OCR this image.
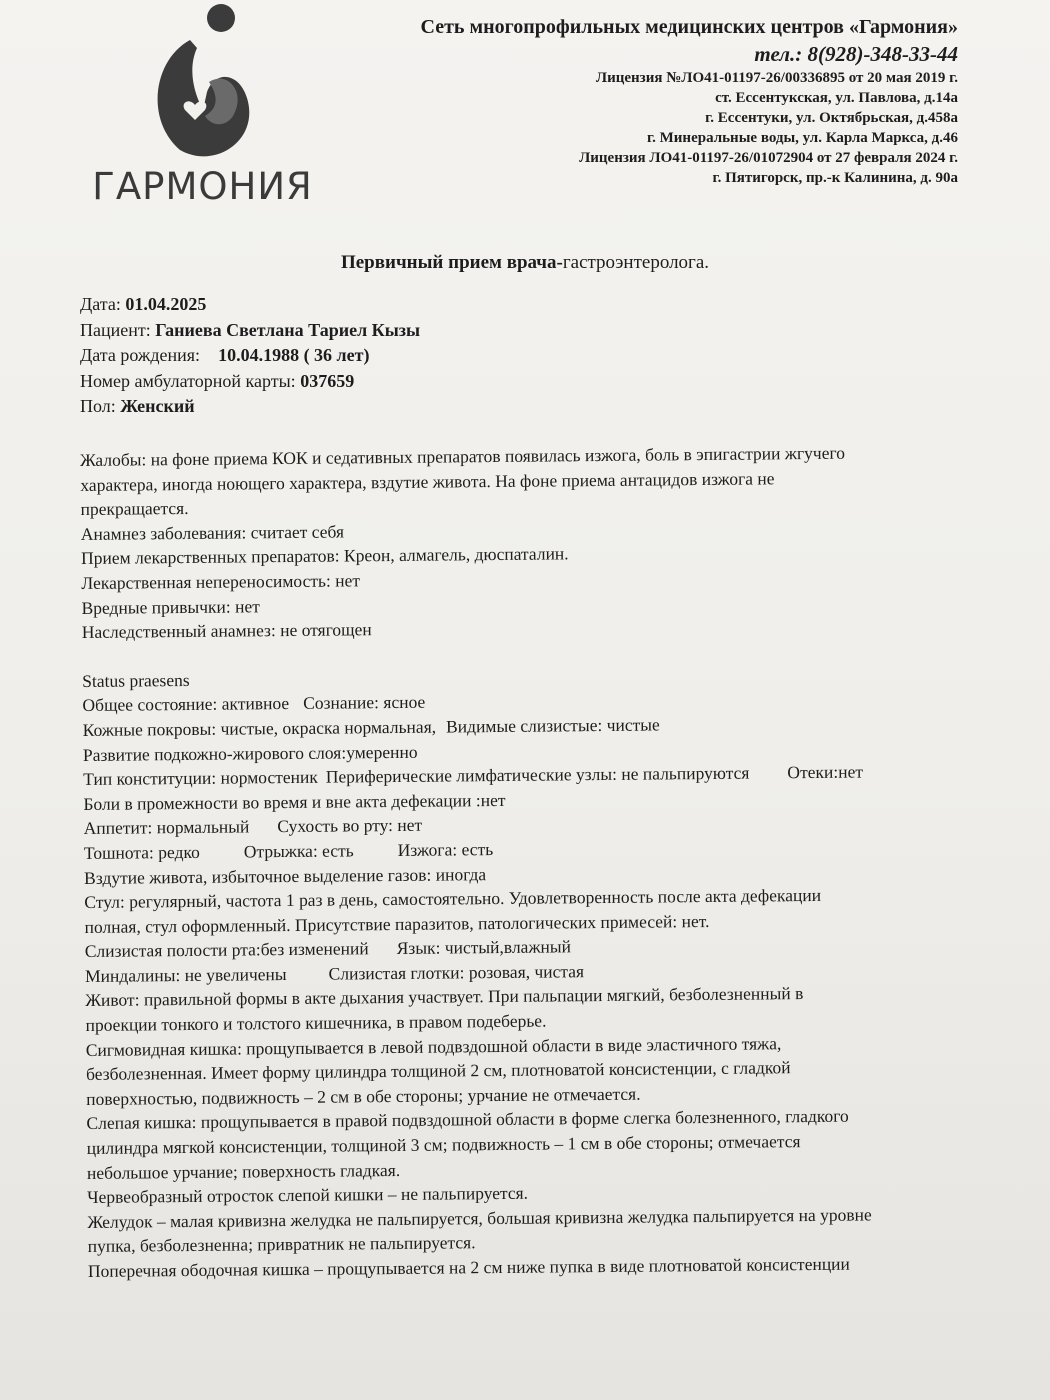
ГАРМОНИЯ
Сеть многопрофильных медицинских центров «Гармония»
тел.: 8(928)-348-33-44
Лицензия №ЛО41-01197-26/00336895 от 20 мая 2019 г.
ст. Ессентукская, ул. Павлова, д.14а
г. Ессентуки, ул. Октябрьская, д.458а
г. Минеральные воды, ул. Карла Маркса, д.46
Лицензия ЛО41-01197-26/01072904 от 27 февраля 2024 г.
г. Пятигорск, пр.-к Калинина, д. 90а
Первичный прием врача-гастроэнтеролога.
Дата: 01.04.2025
Пациент: Ганиева Светлана Тариел Кызы
Дата рождения: 10.04.1988 ( 36 лет)
Номер амбулаторной карты: 037659
Пол: Женский

Жалобы: на фоне приема КОК и седативных препаратов появилась изжога, боль в эпигастрии жгучего

характера, иногда ноющего характера, вздутие живота. На фоне приема антацидов изжога не

прекращается.

Анамнез заболевания: считает себя

Прием лекарственных препаратов: Креон, алмагель, дюспаталин.

Лекарственная непереносимость: нет

Вредные привычки: нет

Наследственный анамнез: не отягощен

Status praesens

Общее состояние: активное Сознание: ясное

Кожные покровы: чистые, окраска нормальная, Видимые слизистые: чистые

Развитие подкожно-жирового слоя:умеренно

Тип конституции: нормостеник Периферические лимфатические узлы: не пальпируются Отеки:нет

Боли в промежности во время и вне акта дефекации :нет

Аппетит: нормальный Сухость во рту: нет

Тошнота: редко	Отрыжка: есть	Изжога: есть

Вздутие живота, избыточное выделение газов: иногда

Стул: регулярный, частота 1 раз в день, самостоятельно. Удовлетворенность после акта дефекации

полная, стул оформленный. Присутствие паразитов, патологических примесей: нет.

Слизистая полости рта:без изменений Язык: чистый,влажный

Миндалины: не увеличены Слизистая глотки: розовая, чистая

Живот: правильной формы в акте дыхания участвует. При пальпации мягкий, безболезненный в

проекции тонкого и толстого кишечника, в правом подеберье.

Сигмовидная кишка: прощупывается в левой подвздошной области в виде эластичного тяжа,

безболезненная. Имеет форму цилиндра толщиной 2 см, плотноватой консистенции, с гладкой

поверхностью, подвижность – 2 см в обе стороны; урчание не отмечается.

Слепая кишка: прощупывается в правой подвздошной области в форме слегка болезненного, гладкого

цилиндра мягкой консистенции, толщиной 3 см; подвижность – 1 см в обе стороны; отмечается

небольшое урчание; поверхность гладкая.

Червеобразный отросток слепой кишки – не пальпируется.

Желудок – малая кривизна желудка не пальпируется, большая кривизна желудка пальпируется на уровне

пупка, безболезненна; привратник не пальпируется.

Поперечная ободочная кишка – прощупывается на 2 см ниже пупка в виде плотноватой консистенции
